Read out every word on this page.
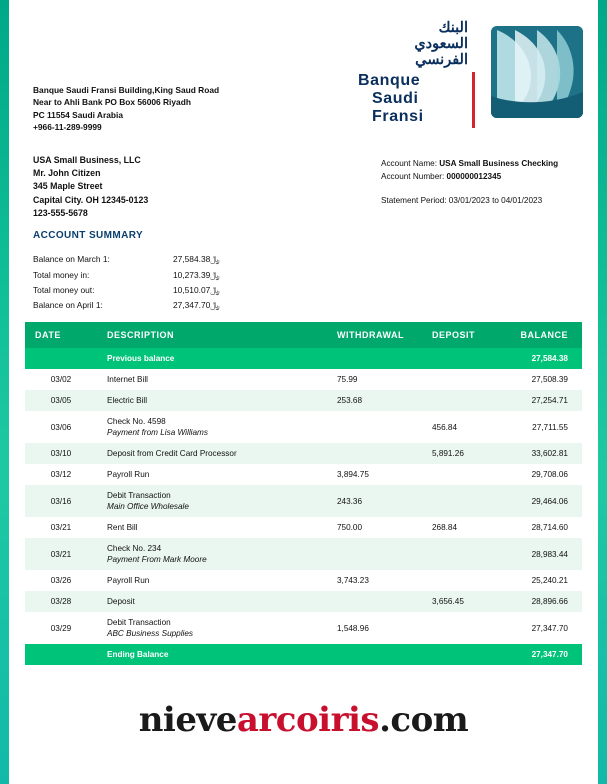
البنك
السعودي
الفرنسي
Banque
Saudi
Fransi
Banque Saudi Fransi Building,King Saud Road
Near to Ahli Bank PO Box 56006 Riyadh
PC 11554 Saudi Arabia
+966-11-289-9999
USA Small Business, LLC
Mr. John Citizen
345 Maple Street
Capital City. OH 12345-0123
123-555-5678
Account Name: USA Small Business Checking
Account Number: 000000012345
Statement Period: 03/01/2023 to 04/01/2023
ACCOUNT SUMMARY
Balance on March 1:	﷼27,584.38
Total money in:	﷼10,273.39
Total money out:	﷼10,510.07
Balance on April 1:	﷼27,347.70
DATE	DESCRIPTION	WITHDRAWAL	DEPOSIT	BALANCE
	Previous balance			27,584.38
03/02	Internet Bill	75.99		27,508.39
03/05	Electric Bill	253.68		27,254.71
03/06	Check No. 4598
Payment from Lisa Williams		456.84	27,711.55
03/10	Deposit from Credit Card Processor		5,891.26	33,602.81
03/12	Payroll Run	3,894.75		29,708.06
03/16	Debit Transaction
Main Office Wholesale	243.36		29,464.06
03/21	Rent Bill	750.00	268.84	28,714.60
03/21	Check No. 234
Payment From Mark Moore			28,983.44
03/26	Payroll Run	3,743.23		25,240.21
03/28	Deposit		3,656.45	28,896.66
03/29	Debit Transaction
ABC Business Supplies	1,548.96		27,347.70
	Ending Balance			27,347.70
nievearcoiris.com
